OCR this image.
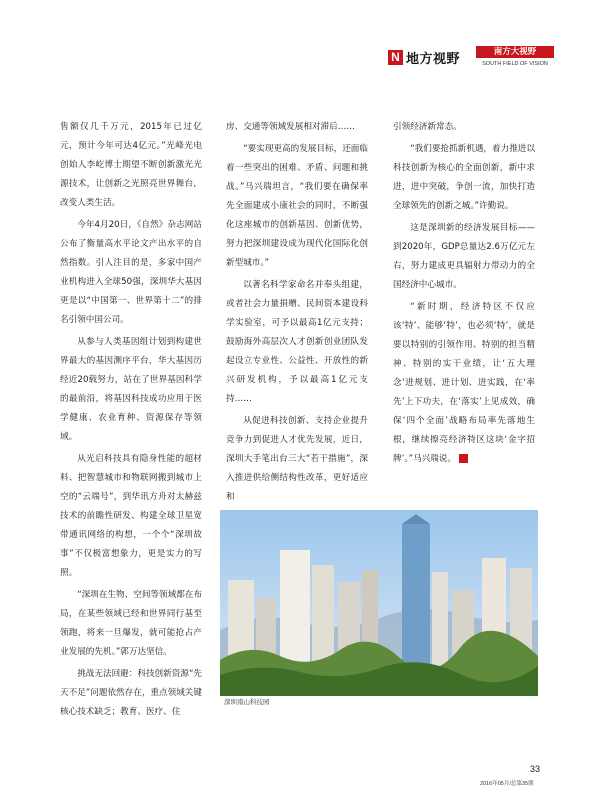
N 地方视野	南方大视野
SOUTH FIELD OF VISION

售额仅几千万元，2015年已过亿元，预计今年可达4亿元。”光峰光电创始人李屹博士期望不断创新激光光源技术，让创新之光照亮世界舞台，改变人类生活。

今年4月20日，《自然》杂志网站公布了衡量高水平论文产出水平的自然指数。引人注目的是，多家中国产业机构进入全球50强，深圳华大基因更是以“中国第一、世界第十二”的排名引领中国公司。

从参与人类基因组计划到构建世界最大的基因测序平台，华大基因历经近20载努力，站在了世界基因科学的最前沿，将基因科技成功应用于医学健康、农业育种、资源保存等领域。

从光启科技具有隐身性能的超材料、把智慧城市和物联网搬到城市上空的“云端号”，到华讯方舟对太赫兹技术的前瞻性研发、构建全球卫星宽带通讯网络的构想，一个个“深圳故事”不仅极富想象力，更是实力的写照。

“深圳在生物、空间等领域都在布局，在某些领域已经和世界同行基至领跑，将来一旦爆发，就可能抢占产业发展的先机。”郭万达坚信。

挑战无法回避：科技创新资源“先天不足”问题依然存在，重点领域关键核心技术缺乏；教育、医疗、住

房、交通等领域发展相对滞后……

“要实现更高的发展目标，还面临着一些突出的困难、矛盾、问题和挑战。”马兴瑞坦言，“我们要在确保率先全面建成小康社会的同时，不断强化这座城市的创新基因、创新优势，努力把深圳建设成为现代化国际化创新型城市。”

以著名科学家命名并奉头组建，或者社会力量捐赠、民间资本建设科学实验室，可予以最高1亿元支持；鼓励海外高层次人才创新创业团队发起设立专业性、公益性、开放性的新兴研发机构，予以最高1亿元支持……

从促进科技创新、支持企业提升竞争力到促进人才优先发展，近日，深圳大手笔出台三大“若干措施”，深入推进供给侧结构性改革，更好适应和

引领经济新常态。

“我们要抢抓新机遇，着力推进以科技创新为核心的全面创新，新中求进，进中突破，争创一流，加快打造全球领先的创新之城。”许勤说。

这是深圳新的经济发展目标——到2020年，GDP总量达2.6万亿元左右，努力建成更具辐射力带动力的全国经济中心城市。

“新时期，经济特区不仅应该‘特’、能够‘特’，也必须‘特’，就是要以特别的引领作用、特别的担当精神、特别的实干业绩，让‘五大理念’进规划、进计划、进实践，在‘率先’上下功夫，在‘落实’上见成效，确保‘四个全面’战略布局率先落地生根，继续擦亮经济特区这块‘金字招牌’。”马兴瑞说。

深圳南山科技园
33
2016年05月/总第35期
